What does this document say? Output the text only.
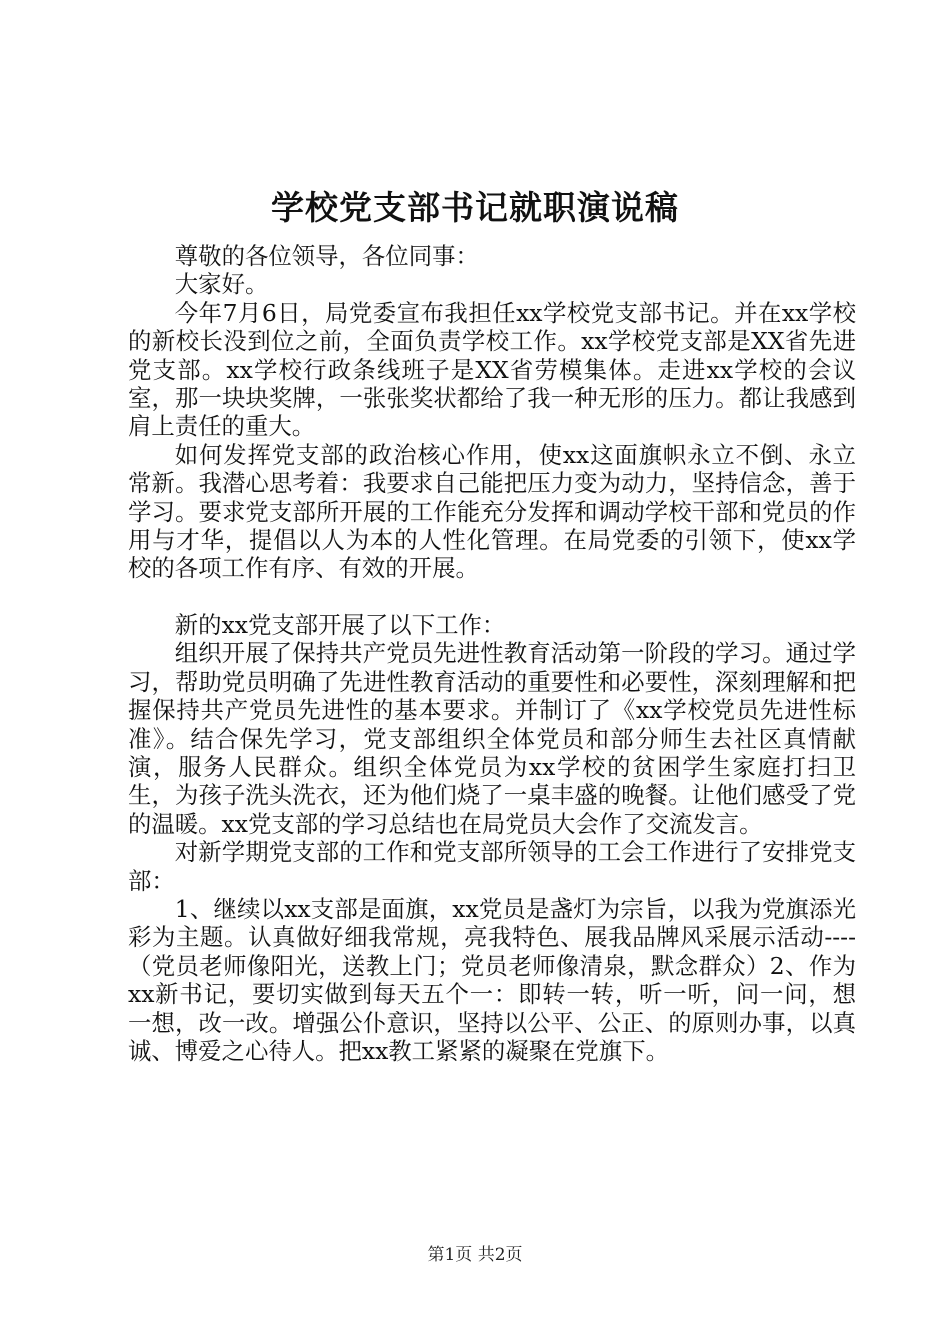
学校党支部书记就职演说稿

尊敬的各位领导，各位同事：

大家好。

今年7月6日，局党委宣布我担任xx学校党支部书记。并在xx学校的新校长没到位之前，全面负责学校工作。xx学校党支部是XX省先进党支部。xx学校行政条线班子是XX省劳模集体。走进xx学校的会议室，那一块块奖牌，一张张奖状都给了我一种无形的压力。都让我感到肩上责任的重大。

如何发挥党支部的政治核心作用，使xx这面旗帜永立不倒、永立常新。我潜心思考着：我要求自己能把压力变为动力，坚持信念，善于学习。要求党支部所开展的工作能充分发挥和调动学校干部和党员的作用与才华，提倡以人为本的人性化管理。在局党委的引领下，使xx学校的各项工作有序、有效的开展。

新的xx党支部开展了以下工作：

组织开展了保持共产党员先进性教育活动第一阶段的学习。通过学习，帮助党员明确了先进性教育活动的重要性和必要性，深刻理解和把握保持共产党员先进性的基本要求。并制订了《xx学校党员先进性标准》。结合保先学习，党支部组织全体党员和部分师生去社区真情献演，服务人民群众。组织全体党员为xx学校的贫困学生家庭打扫卫生，为孩子洗头洗衣，还为他们烧了一桌丰盛的晚餐。让他们感受了党的温暖。xx党支部的学习总结也在局党员大会作了交流发言。

对新学期党支部的工作和党支部所领导的工会工作进行了安排党支部：

1、继续以xx支部是面旗，xx党员是盏灯为宗旨，以我为党旗添光彩为主题。认真做好细我常规，亮我特色、展我品牌风采展示活动----（党员老师像阳光，送教上门；党员老师像清泉，默念群众）2、作为xx新书记，要切实做到每天五个一：即转一转，听一听，问一问，想一想，改一改。增强公仆意识，坚持以公平、公正、的原则办事，以真诚、博爱之心待人。把xx教工紧紧的凝聚在党旗下。

第1页 共2页
